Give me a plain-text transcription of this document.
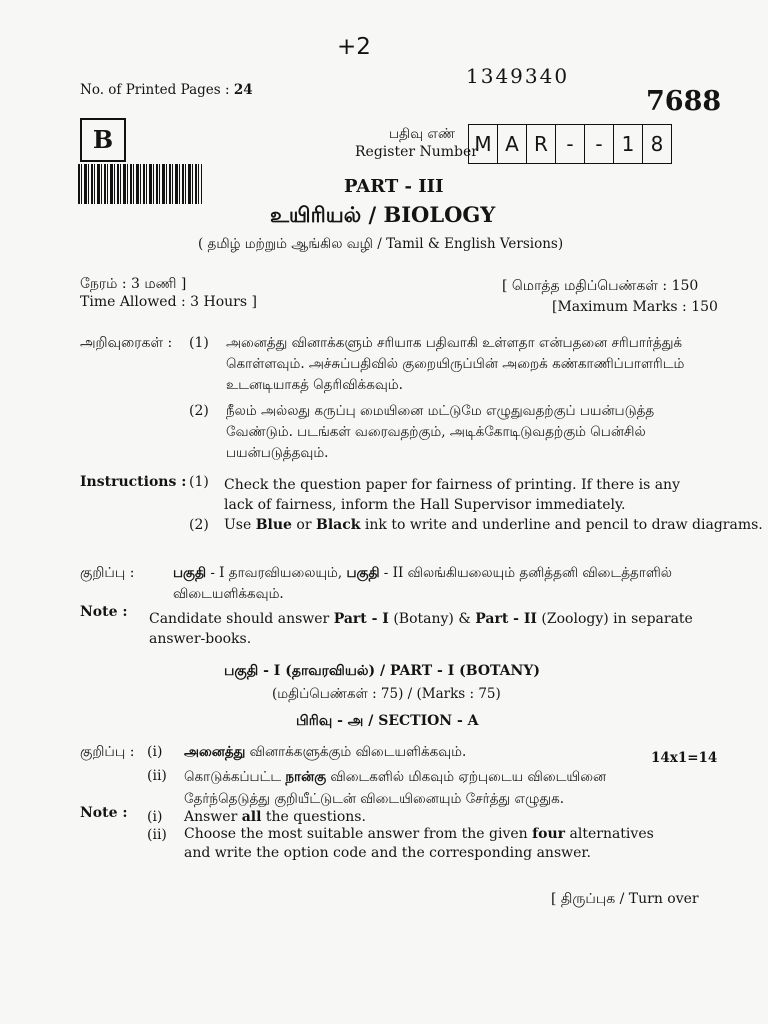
+2
1349340
7688
No. of Printed Pages : 24
B	பதிவு எண்
Register Number
M	A	R	-	-	1	8
PART - III
உயிரியல் / BIOLOGY
( தமிழ் மற்றும் ஆங்கில வழி / Tamil & English Versions)
நேரம் : 3 மணி ]
Time Allowed : 3 Hours ]
[ மொத்த மதிப்பெண்கள் : 150
[Maximum Marks : 150
அறிவுரைகள் : (1) அனைத்து வினாக்களும் சரியாக பதிவாகி உள்ளதா என்பதனை சரிபார்த்துக் கொள்ளவும். அச்சுப்பதிவில் குறையிருப்பின் அறைக் கண்காணிப்பாளரிடம் உடனடியாகத் தெரிவிக்கவும்.
(2) நீலம் அல்லது கருப்பு மையினை மட்டுமே எழுதுவதற்குப் பயன்படுத்த வேண்டும். படங்கள் வரைவதற்கும், அடிக்கோடிடுவதற்கும் பென்சில் பயன்படுத்தவும்.
Instructions : (1) Check the question paper for fairness of printing. If there is any lack of fairness, inform the Hall Supervisor immediately.
(2) Use Blue or Black ink to write and underline and pencil to draw diagrams.
குறிப்பு :	பகுதி - I தாவரவியலையும், பகுதி - II விலங்கியலையும் தனித்தனி விடைத்தாளில் விடையளிக்கவும்.
Note : Candidate should answer Part - I (Botany) & Part - II (Zoology) in separate answer-books.
பகுதி - I (தாவரவியல்) / PART - I (BOTANY)
(மதிப்பெண்கள் : 75) / (Marks : 75)
பிரிவு - அ / SECTION - A
14x1=14
குறிப்பு : (i) அனைத்து வினாக்களுக்கும் விடையளிக்கவும்.
(ii) கொடுக்கப்பட்ட நான்கு விடைகளில் மிகவும் ஏற்புடைய விடையினை தேர்ந்தெடுத்து குறியீட்டுடன் விடையினையும் சேர்த்து எழுதுக.
Note : (i) Answer all the questions.
(ii) Choose the most suitable answer from the given four alternatives and write the option code and the corresponding answer.
[ திருப்புக / Turn over
